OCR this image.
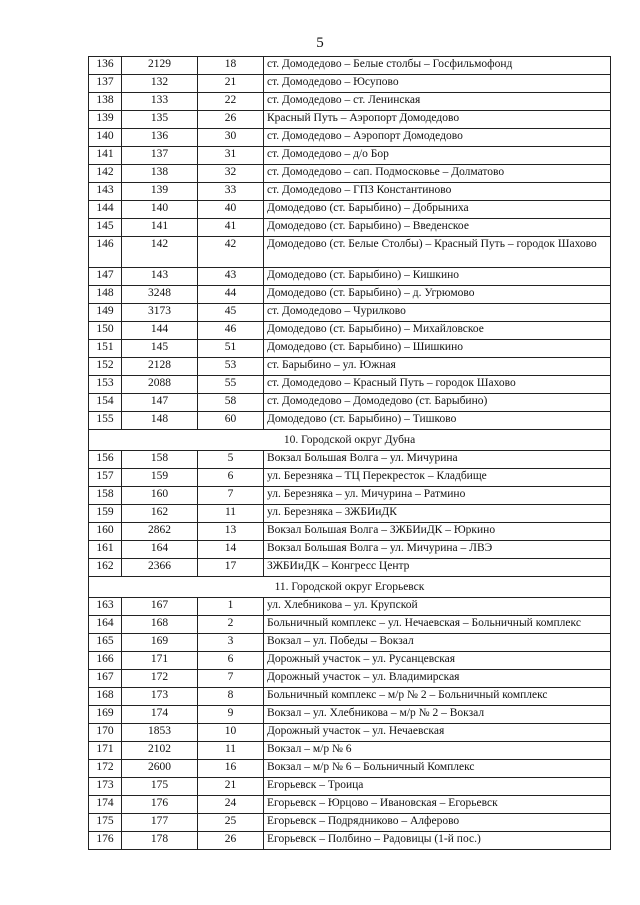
5
136	2129	18	ст. Домодедово – Белые столбы – Госфильмофонд
137	132	21	ст. Домодедово – Юсупово
138	133	22	ст. Домодедово – ст. Ленинская
139	135	26	Красный Путь – Аэропорт Домодедово
140	136	30	ст. Домодедово – Аэропорт Домодедово
141	137	31	ст. Домодедово – д/о Бор
142	138	32	ст. Домодедово – сап. Подмосковье – Долматово
143	139	33	ст. Домодедово – ГПЗ Константиново
144	140	40	Домодедово (ст. Барыбино) – Добрыниха
145	141	41	Домодедово (ст. Барыбино) – Введенское
146	142	42	Домодедово (ст. Белые Столбы) – Красный Путь – городок Шахово
147	143	43	Домодедово (ст. Барыбино) – Кишкино
148	3248	44	Домодедово (ст. Барыбино) – д. Угрюмово
149	3173	45	ст. Домодедово – Чурилково
150	144	46	Домодедово (ст. Барыбино) – Михайловское
151	145	51	Домодедово (ст. Барыбино) – Шишкино
152	2128	53	ст. Барыбино – ул. Южная
153	2088	55	ст. Домодедово – Красный Путь – городок Шахово
154	147	58	ст. Домодедово – Домодедово (ст. Барыбино)
155	148	60	Домодедово (ст. Барыбино) – Тишково
10. Городской округ Дубна			
156	158	5	Вокзал Большая Волга – ул. Мичурина
157	159	6	ул. Березняка – ТЦ Перекресток – Кладбище
158	160	7	ул. Березняка – ул. Мичурина – Ратмино
159	162	11	ул. Березняка – ЗЖБИиДК
160	2862	13	Вокзал Большая Волга – ЗЖБИиДК – Юркино
161	164	14	Вокзал Большая Волга – ул. Мичурина – ЛВЭ
162	2366	17	ЗЖБИиДК – Конгресс Центр
11. Городской округ Егорьевск			
163	167	1	ул. Хлебникова – ул. Крупской
164	168	2	Больничный комплекс – ул. Нечаевская – Больничный комплекс
165	169	3	Вокзал – ул. Победы – Вокзал
166	171	6	Дорожный участок – ул. Русанцевская
167	172	7	Дорожный участок – ул. Владимирская
168	173	8	Больничный комплекс – м/р № 2 – Больничный комплекс
169	174	9	Вокзал – ул. Хлебникова – м/р № 2 – Вокзал
170	1853	10	Дорожный участок – ул. Нечаевская
171	2102	11	Вокзал – м/р № 6
172	2600	16	Вокзал – м/р № 6 – Больничный Комплекс
173	175	21	Егорьевск – Троица
174	176	24	Егорьевск – Юрцово – Ивановская – Егорьевск
175	177	25	Егорьевск – Подрядниково – Алферово
176	178	26	Егорьевск – Полбино – Радовицы (1-й пос.)
